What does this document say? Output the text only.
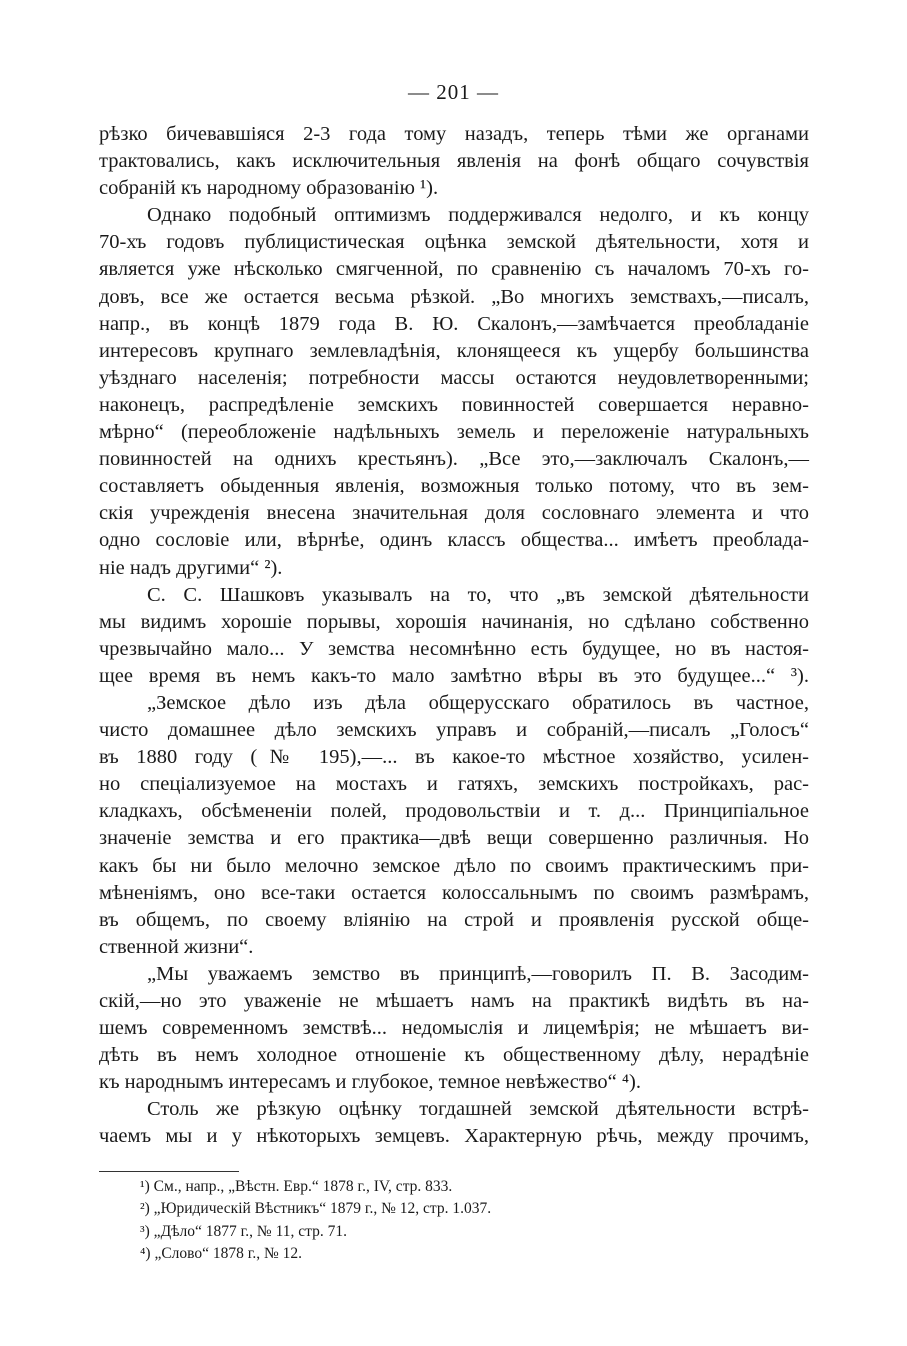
— 201 —
рѣзко бичевавшiяся 2-3 года тому назадъ, теперь тѣми же органами
трактовались, какъ исключительныя явленiя на фонѣ общаго сочувствiя
собранiй къ народному образованiю ¹).
Однако подобный оптимизмъ поддерживался недолго, и къ концу
70-хъ годовъ публицистическая оцѣнка земской дѣятельности, хотя и
является уже нѣсколько смягченной, по сравненiю съ началомъ 70-хъ го-
довъ, все же остается весьма рѣзкой. „Во многихъ земствахъ,—писалъ,
напр., въ концѣ 1879 года В. Ю. Скалонъ,—замѣчается преобладанiе
интересовъ крупнаго землевладѣнiя, клонящееся къ ущербу большинства
уѣзднаго населенiя; потребности массы остаются неудовлетворенными;
наконецъ, распредѣленiе земскихъ повинностей совершается неравно-
мѣрно“ (переобложенiе надѣльныхъ земель и переложенiе натуральныхъ
повинностей на однихъ крестьянъ). „Все это,—заключалъ Скалонъ,—
составляетъ обыденныя явленiя, возможныя только потому, что въ зем-
скiя учрежденiя внесена значительная доля сословнаго элемента и что
одно сословiе или, вѣрнѣе, одинъ классъ общества... имѣетъ преоблада-
нiе надъ другими“ ²).
С. С. Шашковъ указывалъ на то, что „въ земской дѣятельности
мы видимъ хорошiе порывы, хорошiя начинанiя, но сдѣлано собственно
чрезвычайно мало... У земства несомнѣнно есть будущее, но въ настоя-
щее время въ немъ какъ-то мало замѣтно вѣры въ это будущее...“ ³).
„Земское дѣло изъ дѣла общерусскаго обратилось въ частное,
чисто домашнее дѣло земскихъ управъ и собранiй,—писалъ „Голосъ“
въ 1880 году (№ 195),—... въ какое-то мѣстное хозяйство, усилен-
но спецiализуемое на мостахъ и гатяхъ, земскихъ постройкахъ, рас-
кладкахъ, обсѣмененiи полей, продовольствiи и т. д... Принципiальное
значенiе земства и его практика—двѣ вещи совершенно различныя. Но
какъ бы ни было мелочно земское дѣло по своимъ практическимъ при-
мѣненiямъ, оно все-таки остается колоссальнымъ по своимъ размѣрамъ,
въ общемъ, по своему влiянiю на строй и проявленiя русской обще-
ственной жизни“.
„Мы уважаемъ земство въ принципѣ,—говорилъ П. В. Засодим-
скiй,—но это уваженiе не мѣшаетъ намъ на практикѣ видѣть въ на-
шемъ современномъ земствѣ... недомыслiя и лицемѣрiя; не мѣшаетъ ви-
дѣть въ немъ холодное отношенiе къ общественному дѣлу, нерадѣнiе
къ народнымъ интересамъ и глубокое, темное невѣжество“ ⁴).
Столь же рѣзкую оцѣнку тогдашней земской дѣятельности встрѣ-
чаемъ мы и у нѣкоторыхъ земцевъ. Характерную рѣчь, между прочимъ,
¹) См., напр., „Вѣстн. Евр.“ 1878 г., IV, стр. 833.
²) „Юридическiй Вѣстникъ“ 1879 г., № 12, стр. 1.037.
³) „Дѣло“ 1877 г., № 11, стр. 71.
⁴) „Слово“ 1878 г., № 12.
